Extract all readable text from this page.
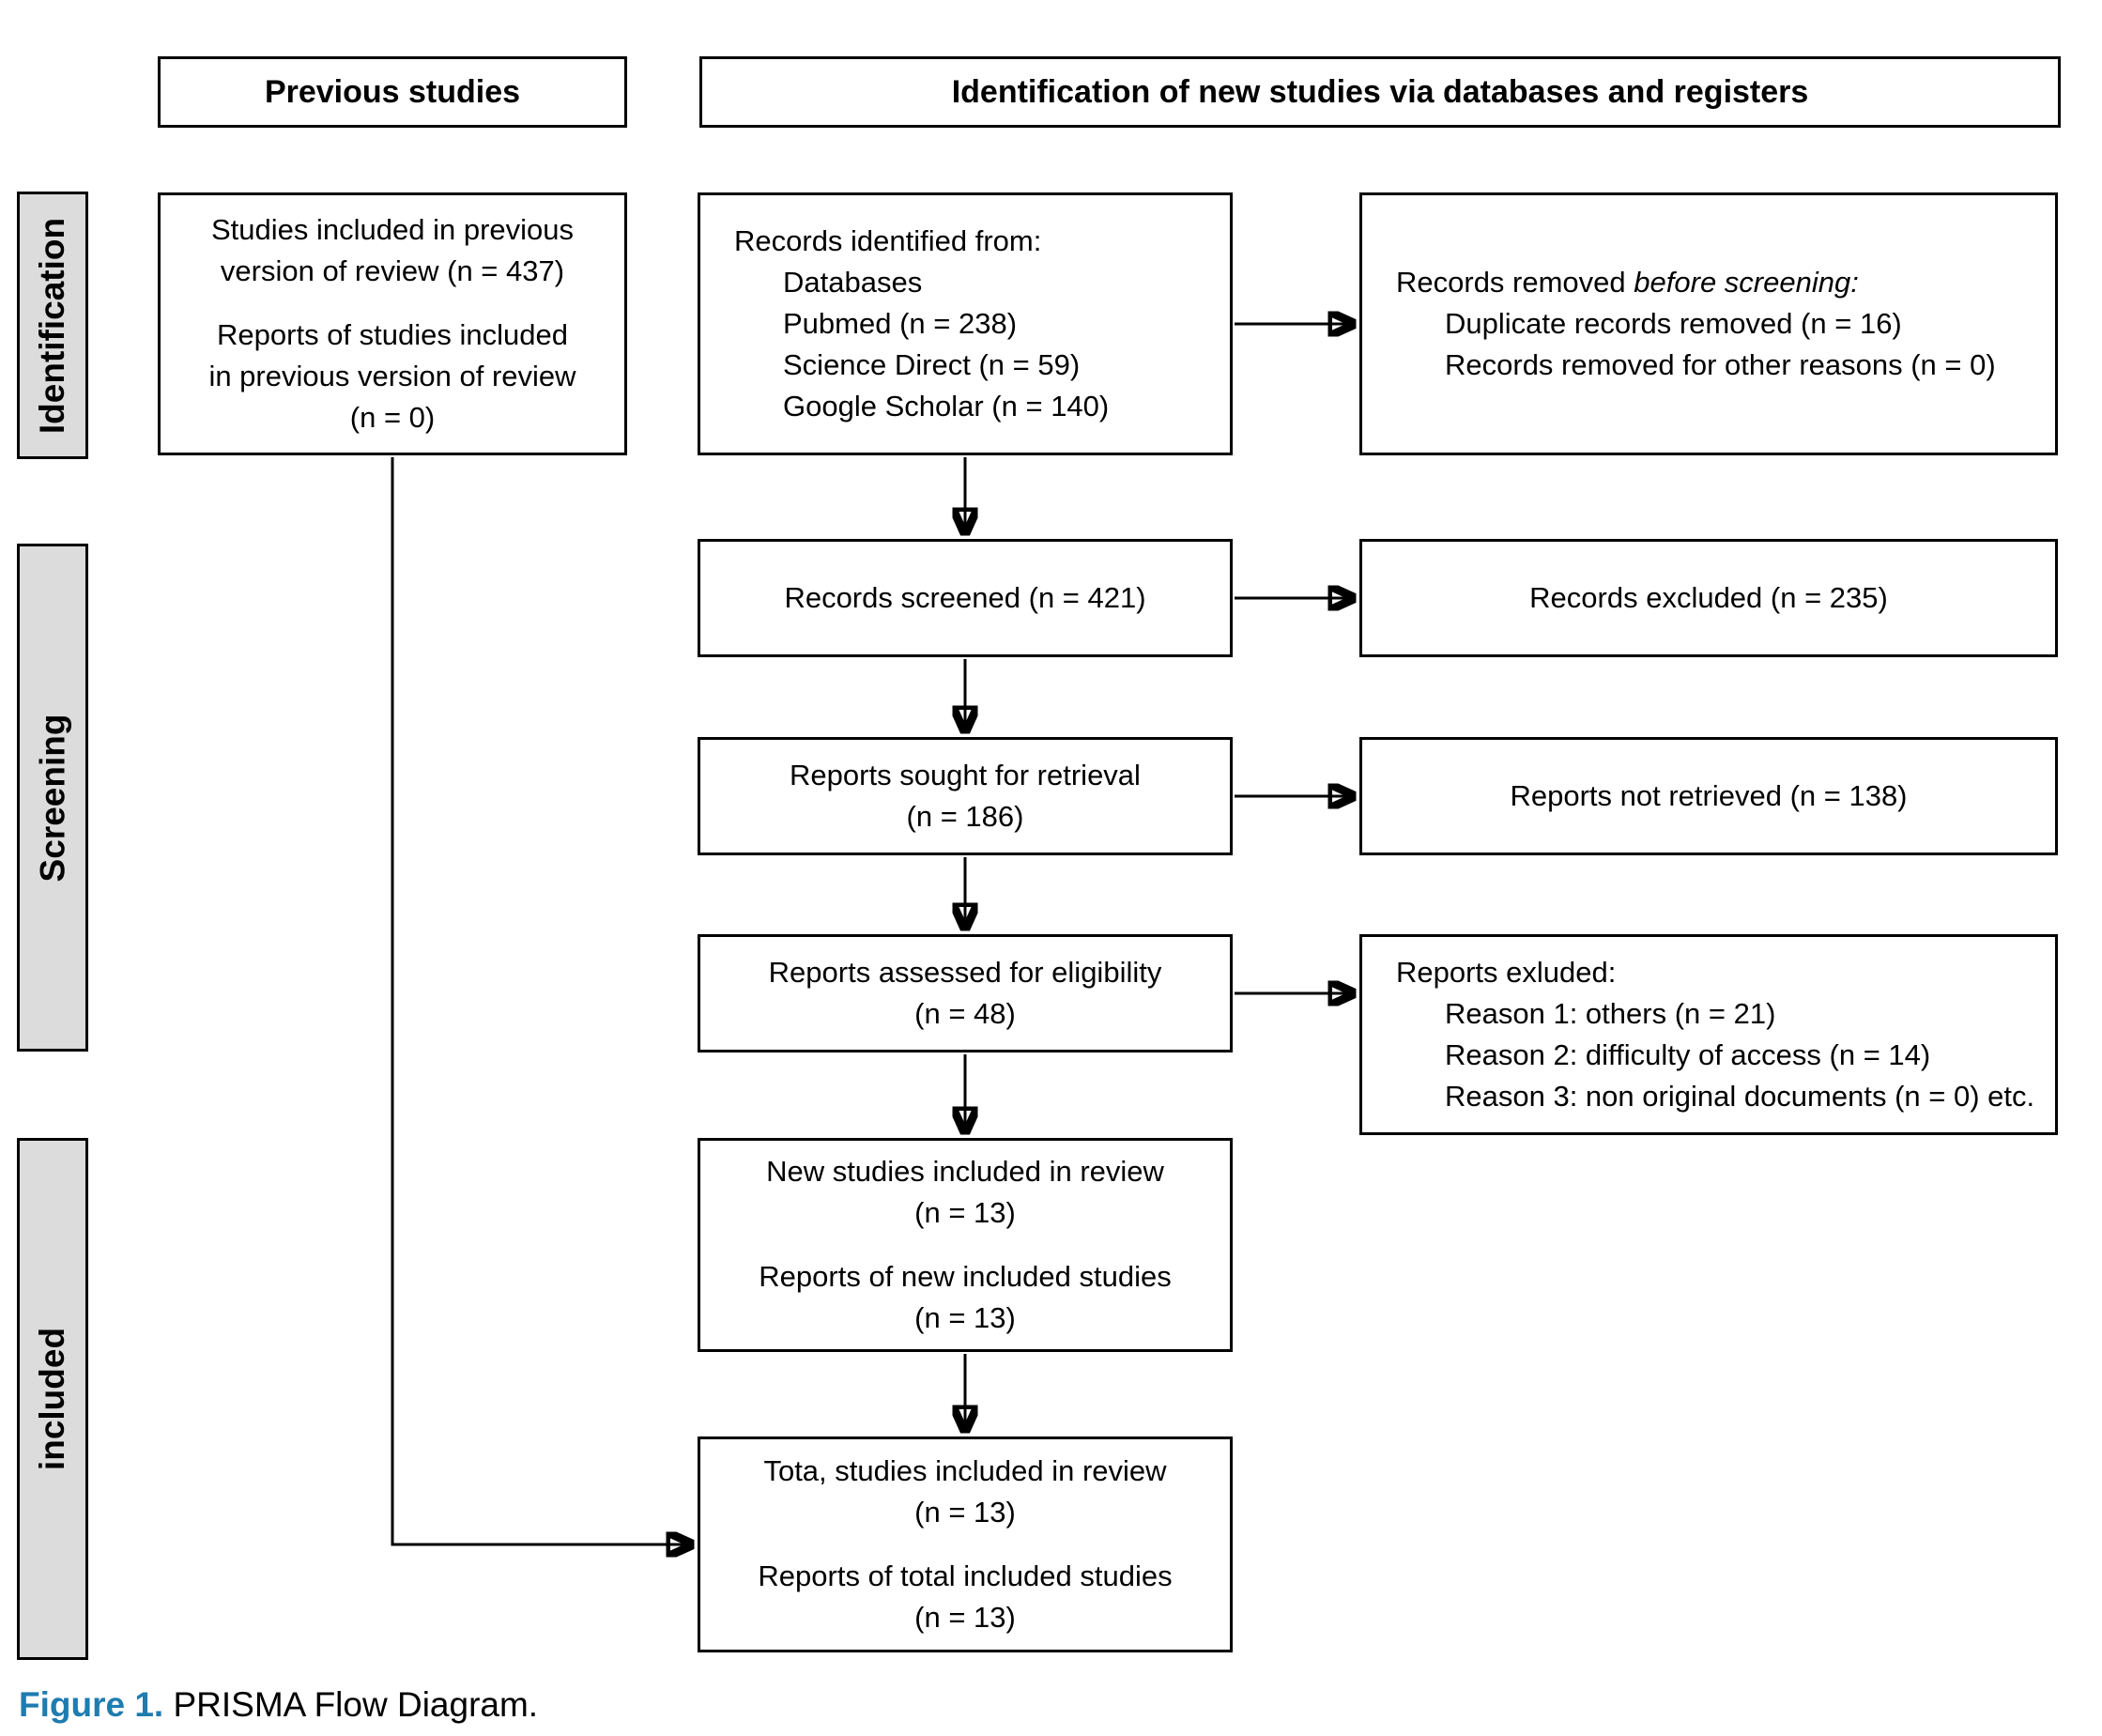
Previous studies	Identification of new studies via databases and registers
Identification
Screening
included
Studies included in previous
version of review (n = 437)
Reports of studies included
in previous version of review
(n = 0)
Records identified from:
Databases
Pubmed (n = 238)
Science Direct (n = 59)
Google Scholar (n = 140)
Records removed before screening:
Duplicate records removed (n = 16)
Records removed for other reasons (n = 0)
Records screened (n = 421)	Records excluded (n = 235)
Reports sought for retrieval
(n = 186)
Reports not retrieved (n = 138)
Reports assessed for eligibility
(n = 48)
Reports exluded:
Reason 1: others (n = 21)
Reason 2: difficulty of access (n = 14)
Reason 3: non original documents (n = 0) etc.
New studies included in review
(n = 13)
Reports of new included studies
(n = 13)
Tota, studies included in review
(n = 13)
Reports of total included studies
(n = 13)
Figure 1. PRISMA Flow Diagram.
